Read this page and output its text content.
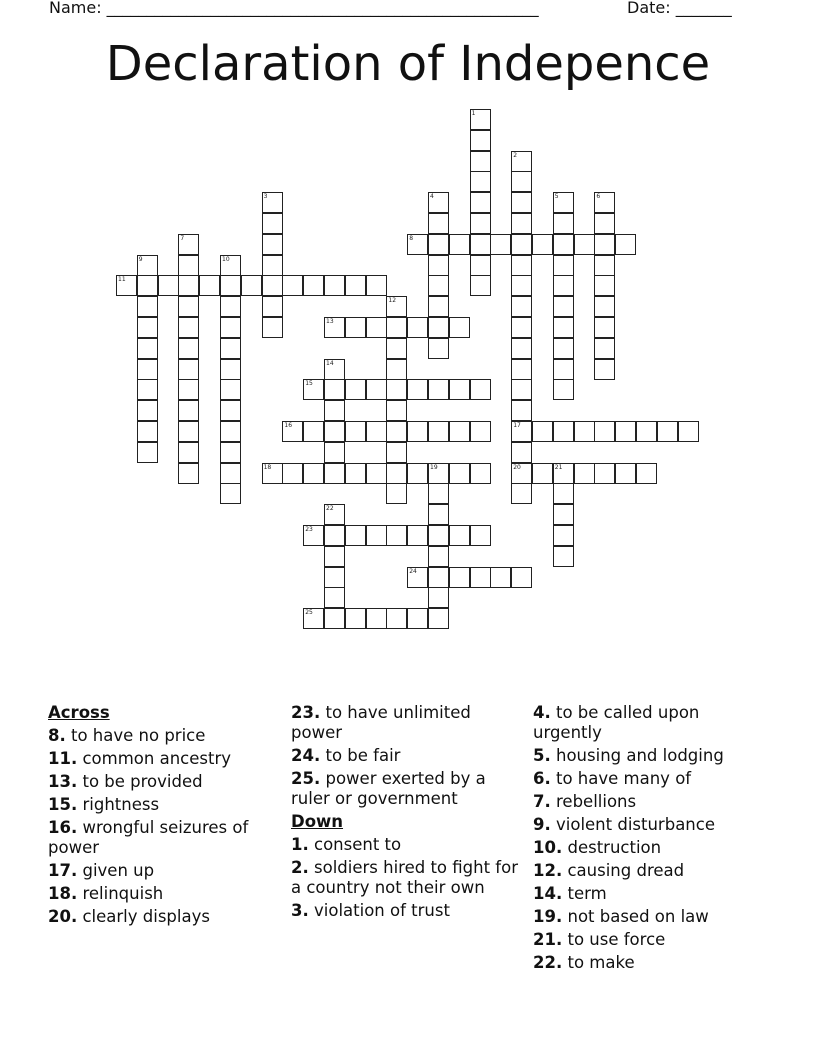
Name: ______________________________________________________	Date: _______
Declaration of Indepence
1
2
17
20
3	4	5	6
7	8
9	10
11
12
13
14
15
16
18	19	21
22
23
24
25
Across
8. to have no price
11. common ancestry
13. to be provided
15. rightness
16. wrongful seizures of power
17. given up
18. relinquish
20. clearly displays
23. to have unlimited power
24. to be fair
25. power exerted by a ruler or government
Down
1. consent to
2. soldiers hired to fight for a country not their own
3. violation of trust
4. to be called upon urgently
5. housing and lodging
6. to have many of
7. rebellions
9. violent disturbance
10. destruction
12. causing dread
14. term
19. not based on law
21. to use force
22. to make
